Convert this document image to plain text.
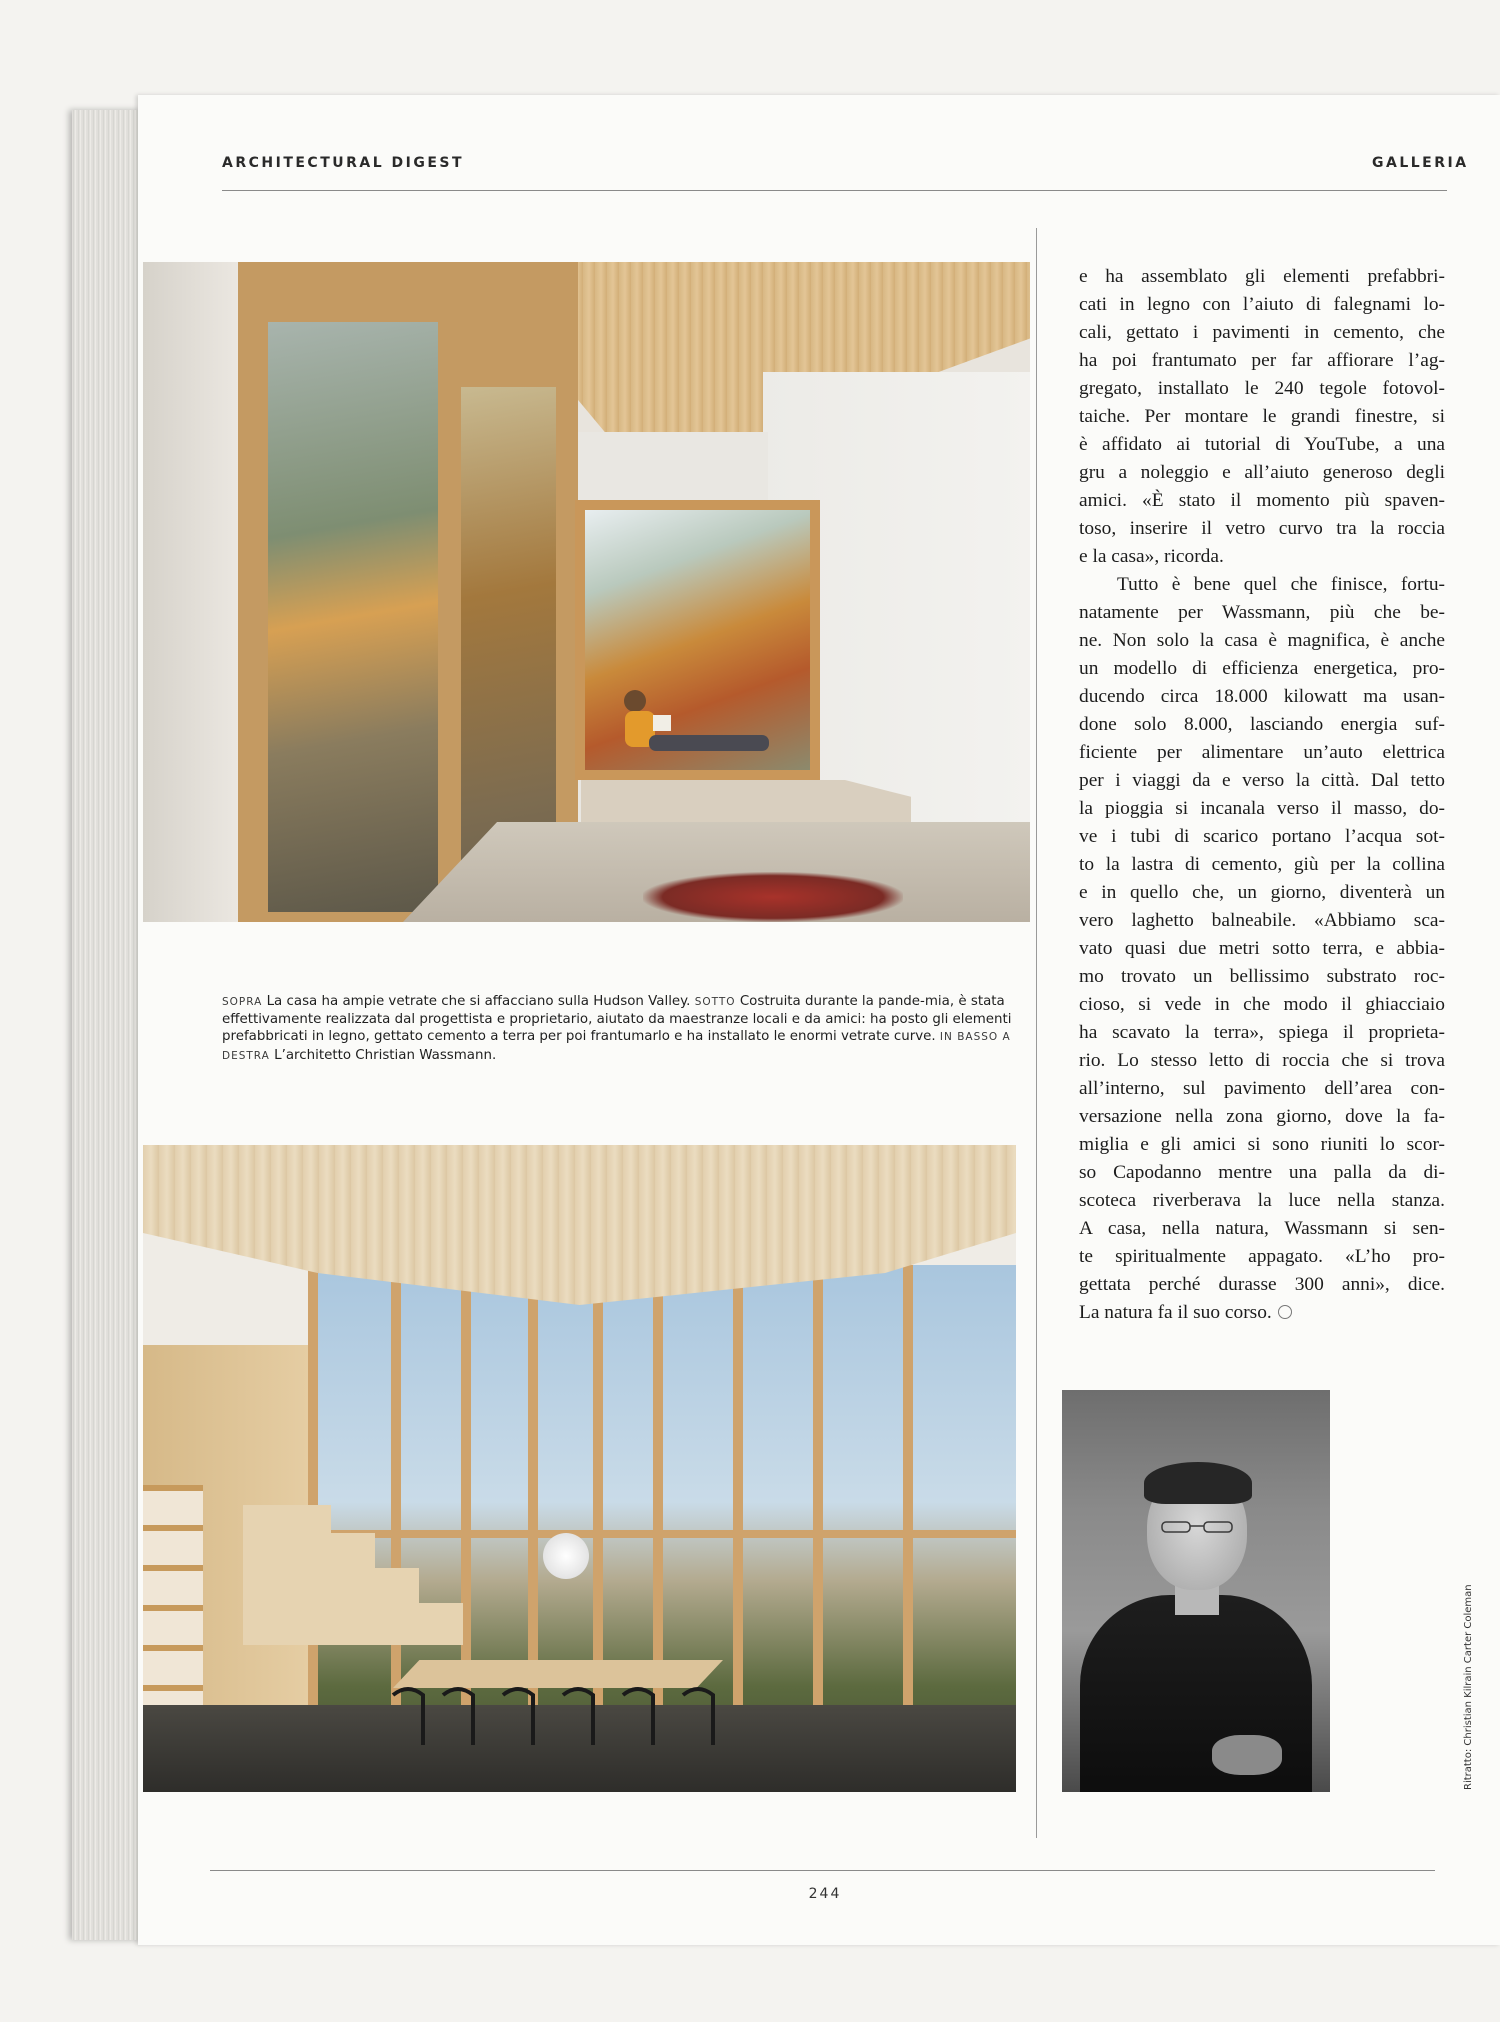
ARCHITECTURAL DIGEST	GALLERIA

SOPRA La casa ha ampie vetrate che si affacciano sulla Hudson Valley. SOTTO Costruita durante la pande-mia, è stata effettivamente realizzata dal progettista e proprietario, aiutato da maestranze locali e da amici: ha posto gli elementi prefabbricati in legno, gettato cemento a terra per poi frantumarlo e ha installato le enormi vetrate curve. IN BASSO A DESTRA L’architetto Christian Wassmann.

e ha assemblato gli elementi prefabbri-

cati in legno con l’aiuto di falegnami lo-

cali, gettato i pavimenti in cemento, che

ha poi frantumato per far affiorare l’ag-

gregato, installato le 240 tegole fotovol-

taiche. Per montare le grandi finestre, si

è affidato ai tutorial di YouTube, a una

gru a noleggio e all’aiuto generoso degli

amici. «È stato il momento più spaven-

toso, inserire il vetro curvo tra la roccia

e la casa», ricorda.

Tutto è bene quel che finisce, fortu-

natamente per Wassmann, più che be-

ne. Non solo la casa è magnifica, è anche

un modello di efficienza energetica, pro-

ducendo circa 18.000 kilowatt ma usan-

done solo 8.000, lasciando energia suf-

ficiente per alimentare un’auto elettrica

per i viaggi da e verso la città. Dal tetto

la pioggia si incanala verso il masso, do-

ve i tubi di scarico portano l’acqua sot-

to la lastra di cemento, giù per la collina

e in quello che, un giorno, diventerà un

vero laghetto balneabile. «Abbiamo sca-

vato quasi due metri sotto terra, e abbia-

mo trovato un bellissimo substrato roc-

cioso, si vede in che modo il ghiacciaio

ha scavato la terra», spiega il proprieta-

rio. Lo stesso letto di roccia che si trova

all’interno, sul pavimento dell’area con-

versazione nella zona giorno, dove la fa-

miglia e gli amici si sono riuniti lo scor-

so Capodanno mentre una palla da di-

scoteca riverberava la luce nella stanza.

A casa, nella natura, Wassmann si sen-

te spiritualmente appagato. «L’ho pro-

gettata perché durasse 300 anni», dice.

La natura fa il suo corso.

Ritratto: Christian Kilrain Carter Coleman
244
